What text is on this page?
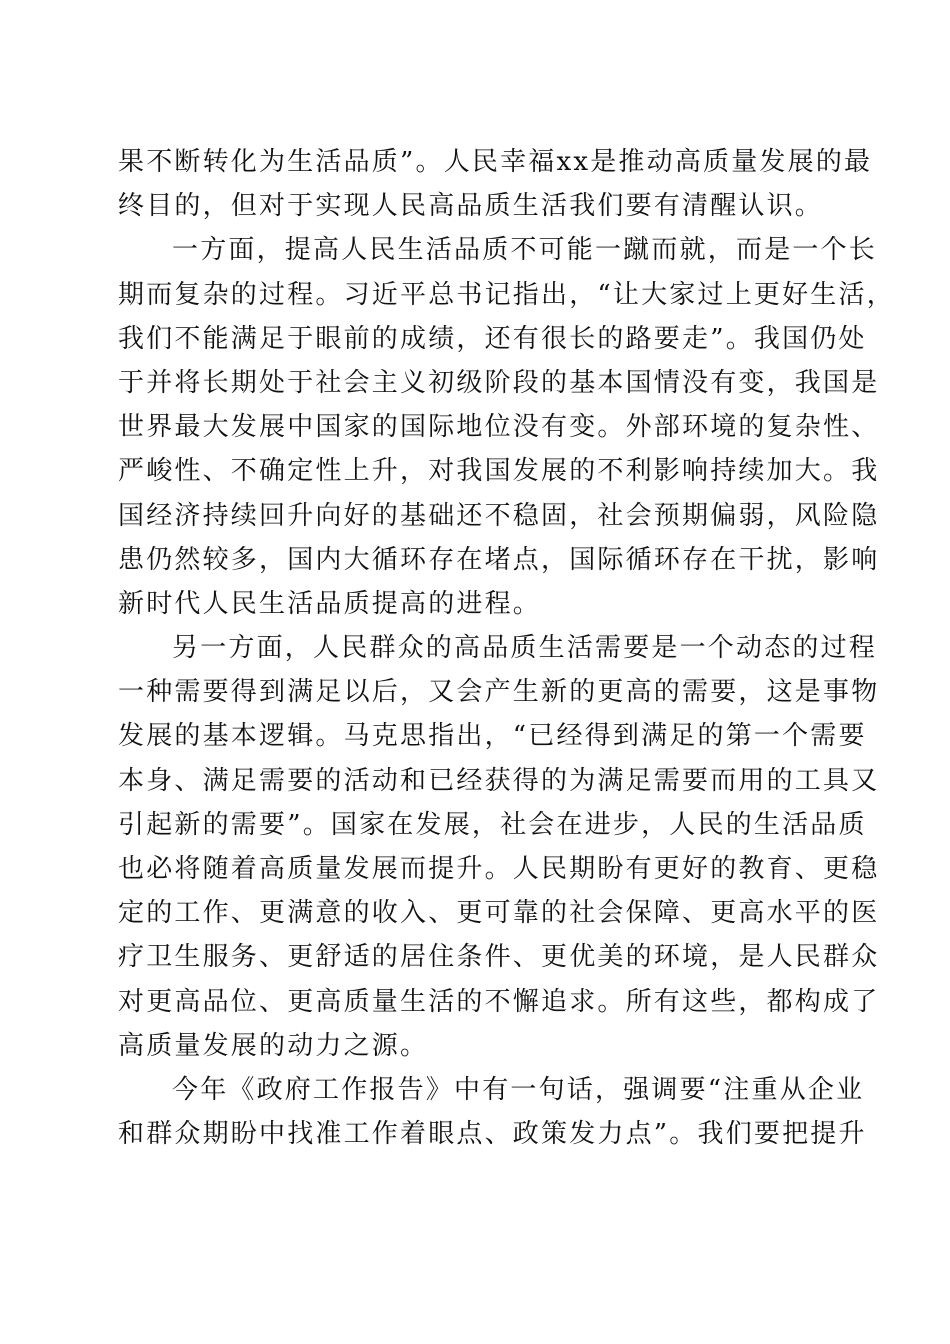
果不断转化为生活品质”。人民幸福xx是推动高质量发展的最
终目的，但对于实现人民高品质生活我们要有清醒认识。
一方面，提高人民生活品质不可能一蹴而就，而是一个长
期而复杂的过程。习近平总书记指出，“让大家过上更好生活，
我们不能满足于眼前的成绩，还有很长的路要走”。我国仍处
于并将长期处于社会主义初级阶段的基本国情没有变，我国是
世界最大发展中国家的国际地位没有变。外部环境的复杂性、
严峻性、不确定性上升，对我国发展的不利影响持续加大。我
国经济持续回升向好的基础还不稳固，社会预期偏弱，风险隐
患仍然较多，国内大循环存在堵点，国际循环存在干扰，影响
新时代人民生活品质提高的进程。
另一方面，人民群众的高品质生活需要是一个动态的过程
一种需要得到满足以后，又会产生新的更高的需要，这是事物
发展的基本逻辑。马克思指出，“已经得到满足的第一个需要
本身、满足需要的活动和已经获得的为满足需要而用的工具又
引起新的需要”。国家在发展，社会在进步，人民的生活品质
也必将随着高质量发展而提升。人民期盼有更好的教育、更稳
定的工作、更满意的收入、更可靠的社会保障、更高水平的医
疗卫生服务、更舒适的居住条件、更优美的环境，是人民群众
对更高品位、更高质量生活的不懈追求。所有这些，都构成了
高质量发展的动力之源。
今年《政府工作报告》中有一句话，强调要“注重从企业
和群众期盼中找准工作着眼点、政策发力点”。我们要把提升
